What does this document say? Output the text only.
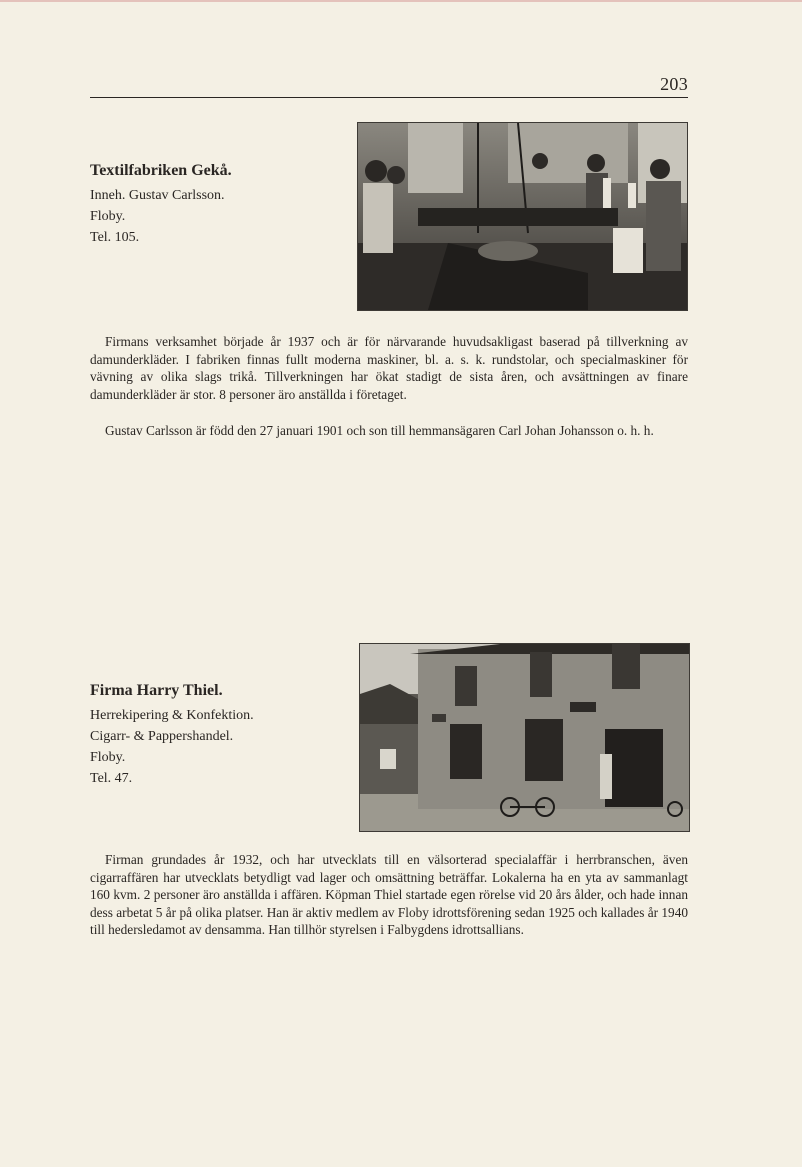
203
Textilfabriken Gekå.
Inneh. Gustav Carlsson.
Floby.
Tel. 105.

Firmans verksamhet började år 1937 och är för närvarande huvudsakligast baserad på tillverkning av damunderkläder. I fabriken finnas fullt moderna maskiner, bl. a. s. k. rundstolar, och specialmaskiner för vävning av olika slags trikå. Tillverkningen har ökat stadigt de sista åren, och avsättningen av finare damunderkläder är stor. 8 personer äro anställda i företaget.

Gustav Carlsson är född den 27 januari 1901 och son till hemmansägaren Carl Johan Johansson o. h. h.

Firma Harry Thiel.
Herrekipering & Konfektion.
Cigarr- & Pappershandel.
Floby.
Tel. 47.

Firman grundades år 1932, och har utvecklats till en välsorterad specialaffär i herrbranschen, även cigarraffären har utvecklats betydligt vad lager och omsättning beträffar. Lokalerna ha en yta av sammanlagt 160 kvm. 2 personer äro anställda i affären. Köpman Thiel startade egen rörelse vid 20 års ålder, och hade innan dess arbetat 5 år på olika platser. Han är aktiv medlem av Floby idrottsförening sedan 1925 och kallades år 1940 till hedersledamot av densamma. Han tillhör styrelsen i Falbygdens idrottsallians.
